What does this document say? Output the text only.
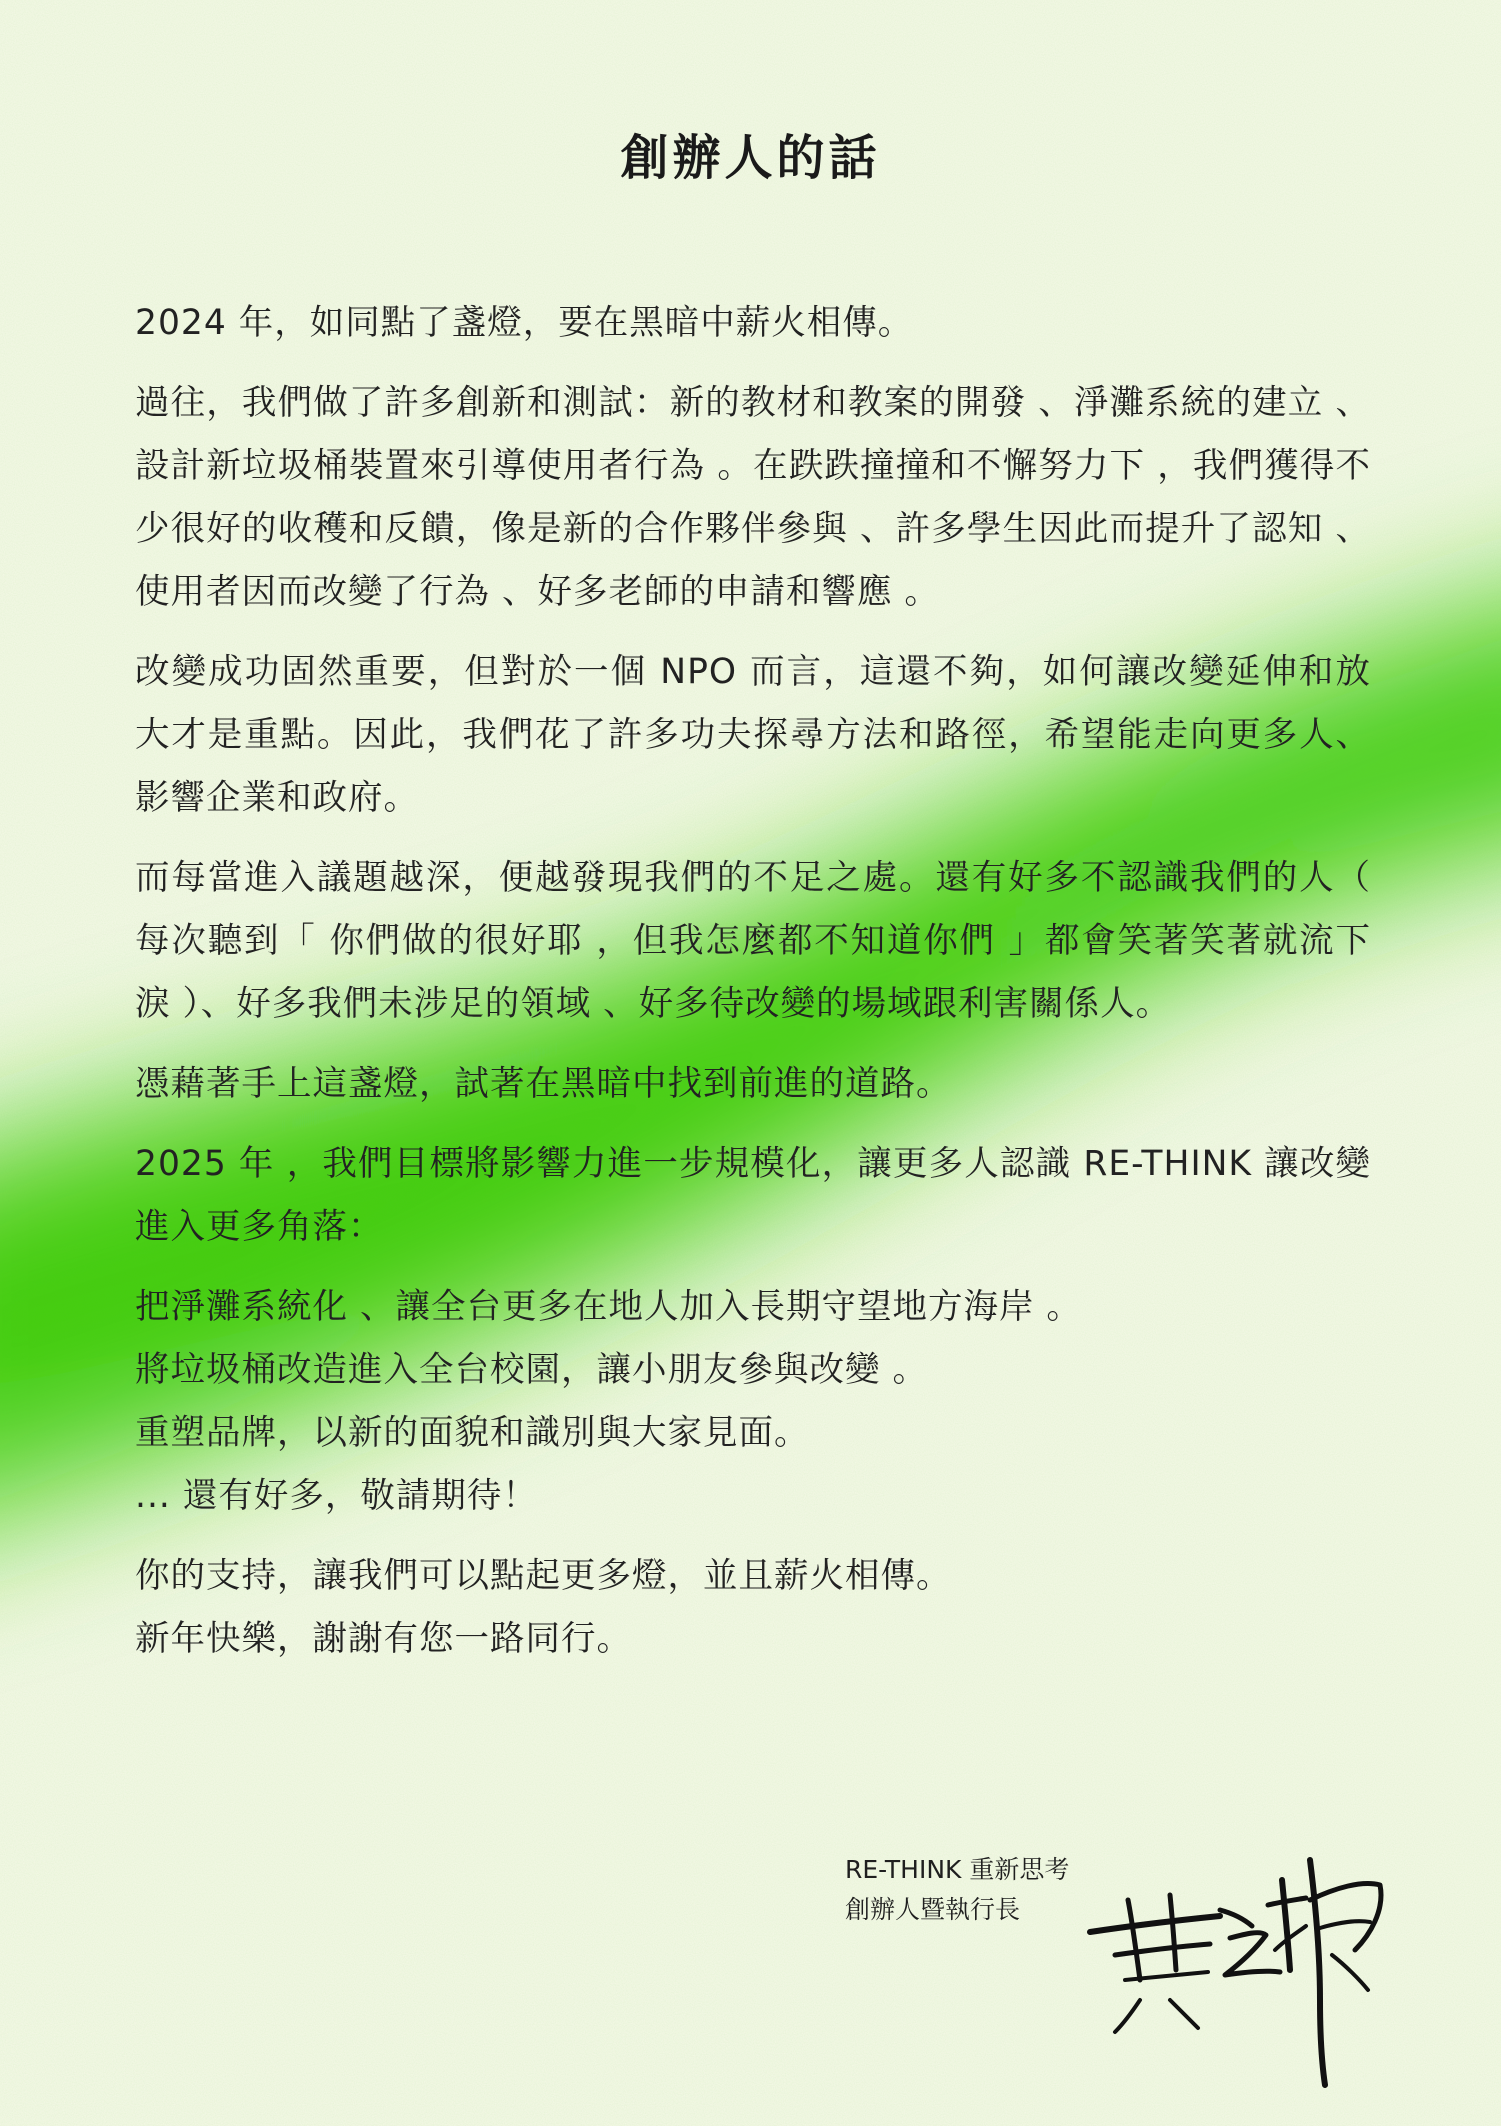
創辦人的話

2024 年，如同點了盞燈，要在黑暗中薪火相傳。

過往，我們做了許多創新和測試：新的教材和教案的開發 、淨灘系統的建立 、設計新垃圾桶裝置來引導使用者行為 。在跌跌撞撞和不懈努力下 ，我們獲得不少很好的收穫和反饋，像是新的合作夥伴參與 、許多學生因此而提升了認知 、使用者因而改變了行為 、好多老師的申請和響應 。

改變成功固然重要，但對於一個 NPO 而言，這還不夠，如何讓改變延伸和放大才是重點。因此，我們花了許多功夫探尋方法和路徑，希望能走向更多人、影響企業和政府。

而每當進入議題越深，便越發現我們的不足之處。還有好多不認識我們的人（ 每次聽到「 你們做的很好耶 ，但我怎麼都不知道你們 」都會笑著笑著就流下淚 ）、好多我們未涉足的領域 、好多待改變的場域跟利害關係人。

憑藉著手上這盞燈，試著在黑暗中找到前進的道路。

2025 年 ，我們目標將影響力進一步規模化，讓更多人認識 RE-THINK 讓改變進入更多角落：

把淨灘系統化 、讓全台更多在地人加入長期守望地方海岸 。
將垃圾桶改造進入全台校園，讓小朋友參與改變 。
重塑品牌，以新的面貌和識別與大家見面。
... 還有好多，敬請期待！

你的支持，讓我們可以點起更多燈，並且薪火相傳。
新年快樂，謝謝有您一路同行。

RE-THINK 重新思考
創辦人暨執行長
